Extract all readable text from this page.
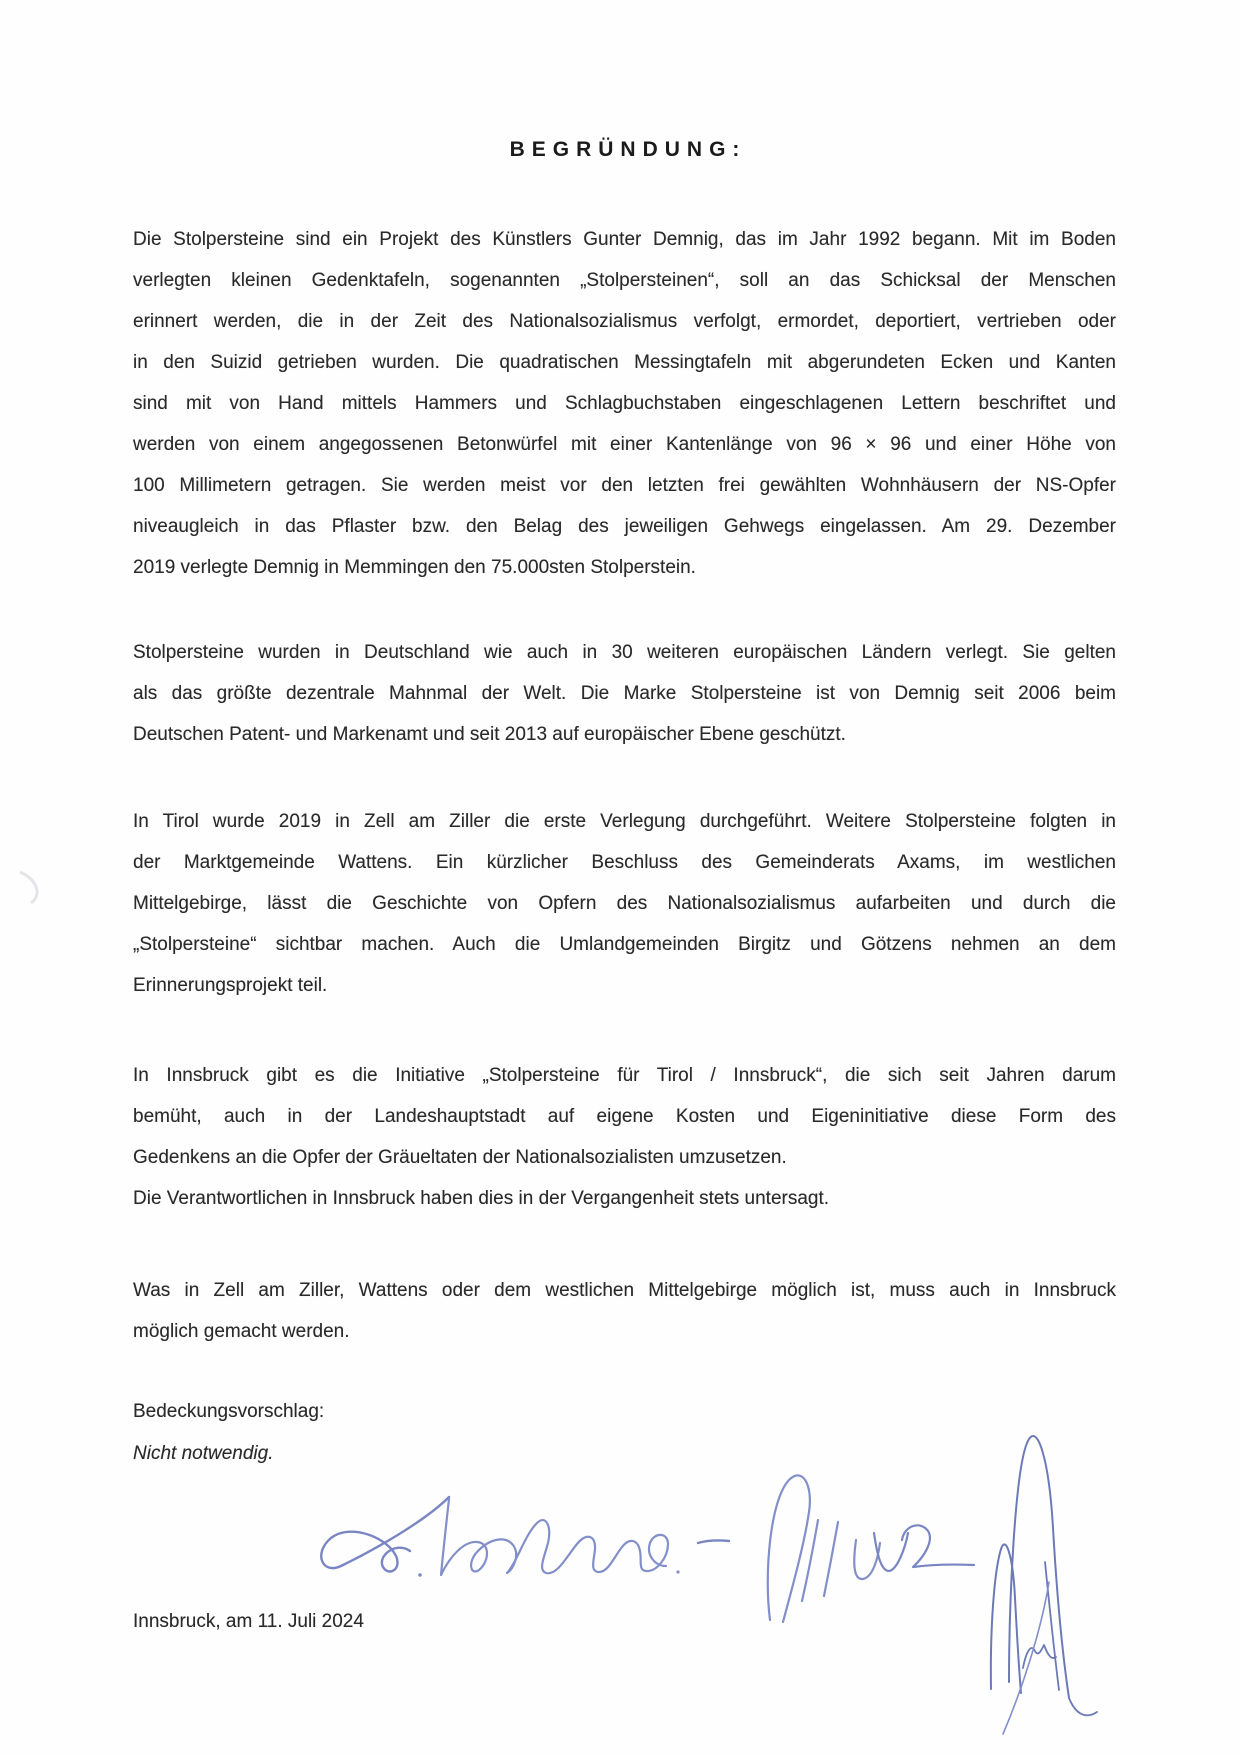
BEGRÜNDUNG:
Die Stolpersteine sind ein Projekt des Künstlers Gunter Demnig, das im Jahr 1992 begann. Mit im Boden
verlegten kleinen Gedenktafeln, sogenannten „Stolpersteinen“, soll an das Schicksal der Menschen
erinnert werden, die in der Zeit des Nationalsozialismus verfolgt, ermordet, deportiert, vertrieben oder
in den Suizid getrieben wurden. Die quadratischen Messingtafeln mit abgerundeten Ecken und Kanten
sind mit von Hand mittels Hammers und Schlagbuchstaben eingeschlagenen Lettern beschriftet und
werden von einem angegossenen Betonwürfel mit einer Kantenlänge von 96 × 96 und einer Höhe von
100 Millimetern getragen. Sie werden meist vor den letzten frei gewählten Wohnhäusern der NS-Opfer
niveaugleich in das Pflaster bzw. den Belag des jeweiligen Gehwegs eingelassen. Am 29. Dezember
2019 verlegte Demnig in Memmingen den 75.000sten Stolperstein.
Stolpersteine wurden in Deutschland wie auch in 30 weiteren europäischen Ländern verlegt. Sie gelten
als das größte dezentrale Mahnmal der Welt. Die Marke Stolpersteine ist von Demnig seit 2006 beim
Deutschen Patent- und Markenamt und seit 2013 auf europäischer Ebene geschützt.
In Tirol wurde 2019 in Zell am Ziller die erste Verlegung durchgeführt. Weitere Stolpersteine folgten in
der Marktgemeinde Wattens. Ein kürzlicher Beschluss des Gemeinderats Axams, im westlichen
Mittelgebirge, lässt die Geschichte von Opfern des Nationalsozialismus aufarbeiten und durch die
„Stolpersteine“ sichtbar machen. Auch die Umlandgemeinden Birgitz und Götzens nehmen an dem
Erinnerungsprojekt teil.
In Innsbruck gibt es die Initiative „Stolpersteine für Tirol / Innsbruck“, die sich seit Jahren darum
bemüht, auch in der Landeshauptstadt auf eigene Kosten und Eigeninitiative diese Form des
Gedenkens an die Opfer der Gräueltaten der Nationalsozialisten umzusetzen.
Die Verantwortlichen in Innsbruck haben dies in der Vergangenheit stets untersagt.
Was in Zell am Ziller, Wattens oder dem westlichen Mittelgebirge möglich ist, muss auch in Innsbruck
möglich gemacht werden.
Bedeckungsvorschlag:
Nicht notwendig.
Innsbruck, am 11. Juli 2024
